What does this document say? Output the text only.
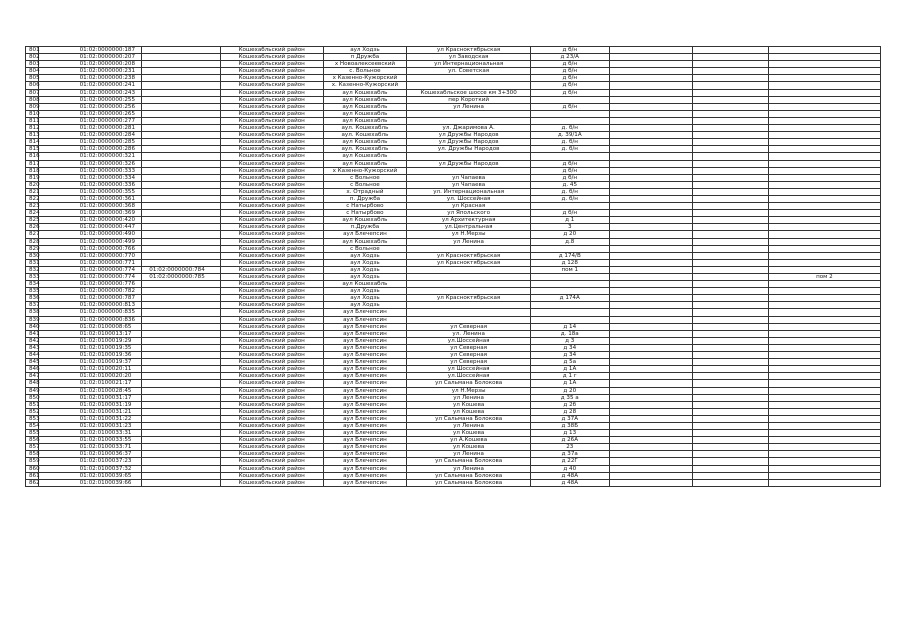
801	01:02:0000000:187		Кошехабльский район	аул Ходзь	ул Красноктябрьская	д б/н			
802	01:02:0000000:207		Кошехабльский район	п Дружба	ул Заводская	д 23/А			
803	01:02:0000000:208		Кошехабльский район	х Новоалексеевский	ул Интернациональная	д б/н			
804	01:02:0000000:231		Кошехабльский район	с. Вольное	ул. Советская	д б/н			
805	01:02:0000000:238		Кошехабльский район	х Казенно-Кужорский		д б/н			
806	01:02:0000000:241		Кошехабльский район	х. Казенно-Кужорский		д б/н			
807	01:02:0000000:243		Кошехабльский район	аул Кошехабль	Кошехабльское шоссе км 3+300	д б/н			
808	01:02:0000000:255		Кошехабльский район	аул Кошехабль	пер Короткий				
809	01:02:0000000:256		Кошехабльский район	аул Кошехабль	ул Ленина	д б/н			
810	01:02:0000000:265		Кошехабльский район	аул Кошехабль					
811	01:02:0000000:277		Кошехабльский район	аул Кошехабль					
812	01:02:0000000:281		Кошехабльский район	аул. Кошехабль	ул. Джаримова А.	д. б/н			
813	01:02:0000000:284		Кошехабльский район	аул. Кошехабль	ул Дружбы Народов	д. 39/1А			
814	01:02:0000000:285		Кошехабльский район	аул Кошехабль	ул Дружбы Народов	д. б/н			
815	01:02:0000000:286		Кошехабльский район	аул. Кошехабль	ул. Дружбы Народов	д. б/н			
816	01:02:0000000:321		Кошехабльский район	аул Кошехабль					
817	01:02:0000000:326		Кошехабльский район	аул Кошехабль	ул Дружбы Народов	д б/н			
818	01:02:0000000:333		Кошехабльский район	х Казенно-Кужорский		д б/н			
819	01:02:0000000:334		Кошехабльский район	с Вольное	ул Чапаева	д б/н			
820	01:02:0000000:336		Кошехабльский район	с Вольное	ул Чапаева	д. 45			
821	01:02:0000000:355		Кошехабльский район	х. Отрадный	ул. Интернациональная	д. б/н			
822	01:02:0000000:361		Кошехабльский район	п. Дружба	ул. Шоссейная	д. б/н			
823	01:02:0000000:368		Кошехабльский район	с Натырбово	ул Красная				
824	01:02:0000000:369		Кошехабльский район	с Натырбово	ул Япольского	д б/н			
825	01:02:0000000:420		Кошехабльский район	аул Кошехабль	ул Архитектурная	д 1			
826	01:02:0000000:447		Кошехабльский район	п.Дружба	ул.Центральная	3			
827	01:02:0000000:490		Кошехабльский район	аул Блечепсин	ул Н.Мерзы	д 20			
828	01:02:0000000:499		Кошехабльский район	аул Кошехабль	ул Ленина	д.8			
829	01:02:0000000:766		Кошехабльский район	с Вольное					
830	01:02:0000000:770		Кошехабльский район	аул Ходзь	ул Красноктябрьская	д 174/В			
831	01:02:0000000:771		Кошехабльский район	аул Ходзь	ул Красноктябрьская	д 128			
832	01:02:0000000:774	01:02:0000000:784	Кошехабльский район	аул Ходзь		пом 1			
833	01:02:0000000:774	01:02:0000000:785	Кошехабльский район	аул Ходзь					пом 2
834	01:02:0000000:776		Кошехабльский район	аул Кошехабль					
835	01:02:0000000:782		Кошехабльский район	аул Ходзь					
836	01:02:0000000:787		Кошехабльский район	аул Ходзь	ул Красноктябрьская	д 174А			
837	01:02:0000000:813		Кошехабльский район	аул Ходзь					
838	01:02:0000000:835		Кошехабльский район	аул Блечепсин					
839	01:02:0000000:836		Кошехабльский район	аул Блечепсин					
840	01:02:0100008:65		Кошехабльский район	аул Блечепсин	ул Северная	д 14			
841	01:02:0100013:17		Кошехабльский район	аул Блечепсин	ул. Ленина	д. 18а			
842	01:02:0100019:29		Кошехабльский район	аул Блечепсин	ул.Шоссейная	д 3			
843	01:02:0100019:35		Кошехабльский район	аул Блечепсин	ул Северная	д 34			
844	01:02:0100019:36		Кошехабльский район	аул Блечепсин	ул Северная	д 34			
845	01:02:0100019:37		Кошехабльский район	аул Блечепсин	ул Северная	д 5а			
846	01:02:0100020:11		Кошехабльский район	аул Блечепсин	ул Шоссейная	д 1А			
847	01:02:0100020:20		Кошехабльский район	аул Блечепсин	ул.Шоссейная	д 1 г			
848	01:02:0100021:17		Кошехабльский район	аул Блечепсин	ул Сальмана Болокова	д 1А			
849	01:02:0100028:45		Кошехабльский район	аул Блечепсин	ул Н.Мерзы	д 20			
850	01:02:0100031:17		Кошехабльский район	аул Блечепсин	ул Ленина	д 35 а			
851	01:02:0100031:19		Кошехабльский район	аул Блечепсин	ул Кошева	д 2б			
852	01:02:0100031:21		Кошехабльский район	аул Блечепсин	ул Кошева	д 28			
853	01:02:0100031:22		Кошехабльский район	аул Блечепсин	ул Сальмана Болокова	д 37А			
854	01:02:0100031:23		Кошехабльский район	аул Блечепсин	ул Ленина	д 38Б			
855	01:02:0100033:31		Кошехабльский район	аул Блечепсин	ул Кошева	д 13			
856	01:02:0100033:55		Кошехабльский район	аул Блечепсин	ул А.Кошева	д 26А			
857	01:02:0100033:71		Кошехабльский район	аул Блечепсин	ул Кошева	23			
858	01:02:0100036:37		Кошехабльский район	аул Блечепсин	ул Ленина	д 37а			
859	01:02:0100037:23		Кошехабльский район	аул Блечепсин	ул Сальмана Болокова	д 22Г			
860	01:02:0100037:32		Кошехабльский район	аул Блечепсин	ул Ленина	д 40			
861	01:02:0100039:65		Кошехабльский район	аул Блечепсин	ул Сальмана Болокова	д 48А			
862	01:02:0100039:66		Кошехабльский район	аул Блечепсин	ул Сальмана Болокова	д 48А			
